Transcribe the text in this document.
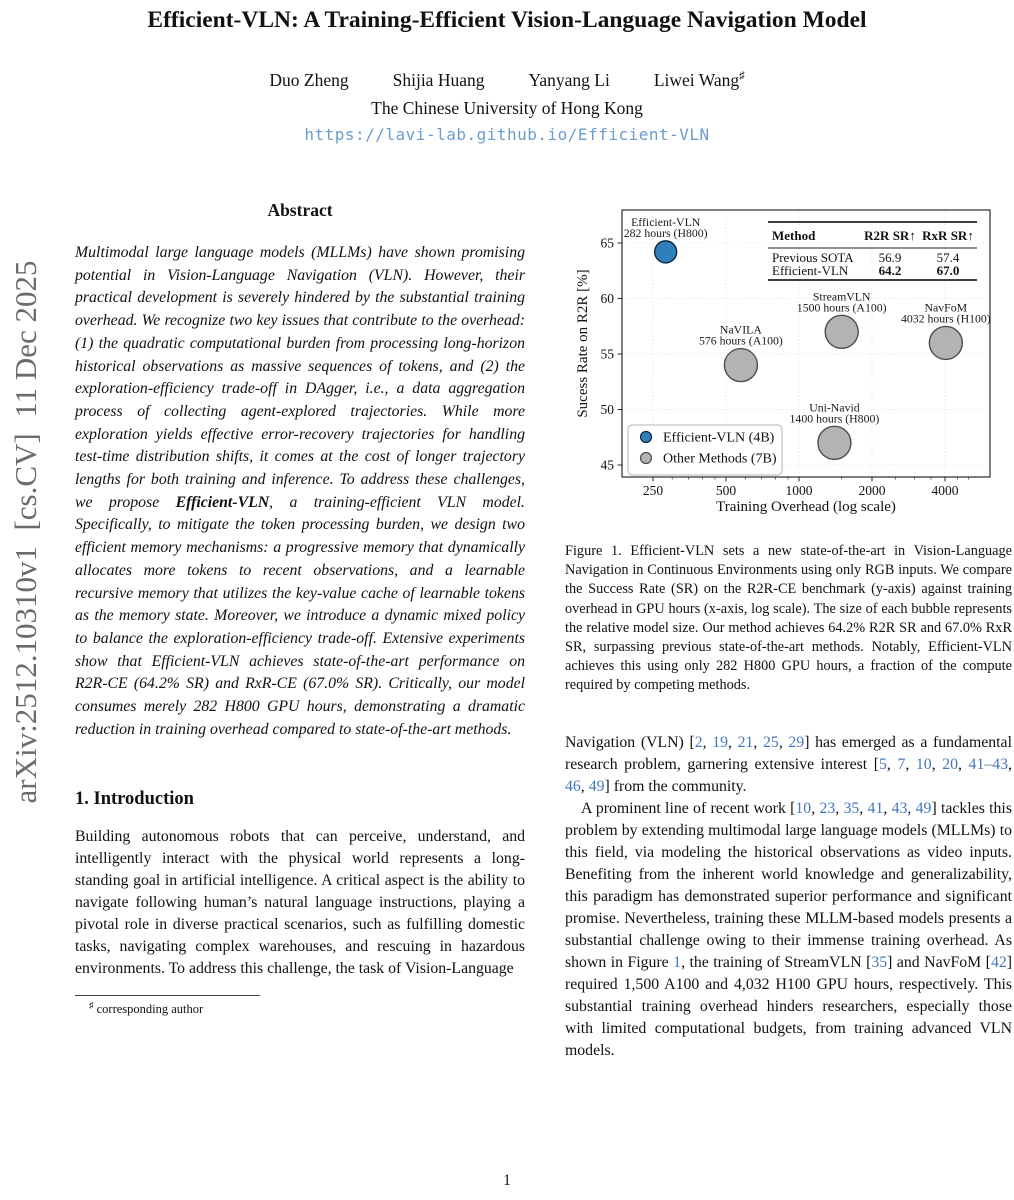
arXiv:2512.10310v1  [cs.CV]  11 Dec 2025
Efficient-VLN: A Training-Efficient Vision-Language Navigation Model
Duo Zheng	Shijia Huang	Yanyang Li	Liwei Wang♯
The Chinese University of Hong Kong
https://lavi-lab.github.io/Efficient-VLN
Abstract

Multimodal large language models (MLLMs) have shown promising potential in Vision-Language Navigation (VLN). However, their practical development is severely hindered by the substantial training overhead. We recognize two key issues that contribute to the overhead: (1) the quadratic computational burden from processing long-horizon historical observations as massive sequences of tokens, and (2) the exploration-efficiency trade-off in DAgger, i.e., a data aggregation process of collecting agent-explored trajectories. While more exploration yields effective error-recovery trajectories for handling test-time distribution shifts, it comes at the cost of longer trajectory lengths for both training and inference. To address these challenges, we propose Efficient-VLN, a training-efficient VLN model. Specifically, to mitigate the token processing burden, we design two efficient memory mechanisms: a progressive memory that dynamically allocates more tokens to recent observations, and a learnable recursive memory that utilizes the key-value cache of learnable tokens as the memory state. Moreover, we introduce a dynamic mixed policy to balance the exploration-efficiency trade-off. Extensive experiments show that Efficient-VLN achieves state-of-the-art performance on R2R-CE (64.2% SR) and RxR-CE (67.0% SR). Critically, our model consumes merely 282 H800 GPU hours, demonstrating a dramatic reduction in training overhead compared to state-of-the-art methods.

1. Introduction

Building autonomous robots that can perceive, understand, and intelligently interact with the physical world represents a long-standing goal in artificial intelligence. A critical aspect is the ability to navigate following human’s natural language instructions, playing a pivotal role in diverse practical scenarios, such as fulfilling domestic tasks, navigating complex warehouses, and rescuing in hazardous environments. To address this challenge, the task of Vision-Language

♯ corresponding author
250	500	1000	2000	4000
45
50
55
60
65
Training Overhead (log scale)
Sucess Rate on R2R [%]
Efficient-VLN
282 hours (H800)
NaVILA
576 hours (A100)
StreamVLN
1500 hours (A100)	NavFoM
4032 hours (H100)
Uni-Navid
1400 hours (H800)
Method	R2R SR↑ RxR SR↑
Previous SOTA 56.9	57.4
Efficient-VLN 64.2	67.0
Efficient-VLN (4B)
Other Methods (7B)

Figure 1. Efficient-VLN sets a new state-of-the-art in Vision-Language Navigation in Continuous Environments using only RGB inputs. We compare the Success Rate (SR) on the R2R-CE benchmark (y-axis) against training overhead in GPU hours (x-axis, log scale). The size of each bubble represents the relative model size. Our method achieves 64.2% R2R SR and 67.0% RxR SR, surpassing previous state-of-the-art methods. Notably, Efficient-VLN achieves this using only 282 H800 GPU hours, a fraction of the compute required by competing methods.

Navigation (VLN) [2, 19, 21, 25, 29] has emerged as a fundamental research problem, garnering extensive interest [5, 7, 10, 20, 41–43, 46, 49] from the community.

A prominent line of recent work [10, 23, 35, 41, 43, 49] tackles this problem by extending multimodal large language models (MLLMs) to this field, via modeling the historical observations as video inputs. Benefiting from the inherent world knowledge and generalizability, this paradigm has demonstrated superior performance and significant promise. Nevertheless, training these MLLM-based models presents a substantial challenge owing to their immense training overhead. As shown in Figure 1, the training of StreamVLN [35] and NavFoM [42] required 1,500 A100 and 4,032 H100 GPU hours, respectively. This substantial training overhead hinders researchers, especially those with limited computational budgets, from training advanced VLN models.

1
